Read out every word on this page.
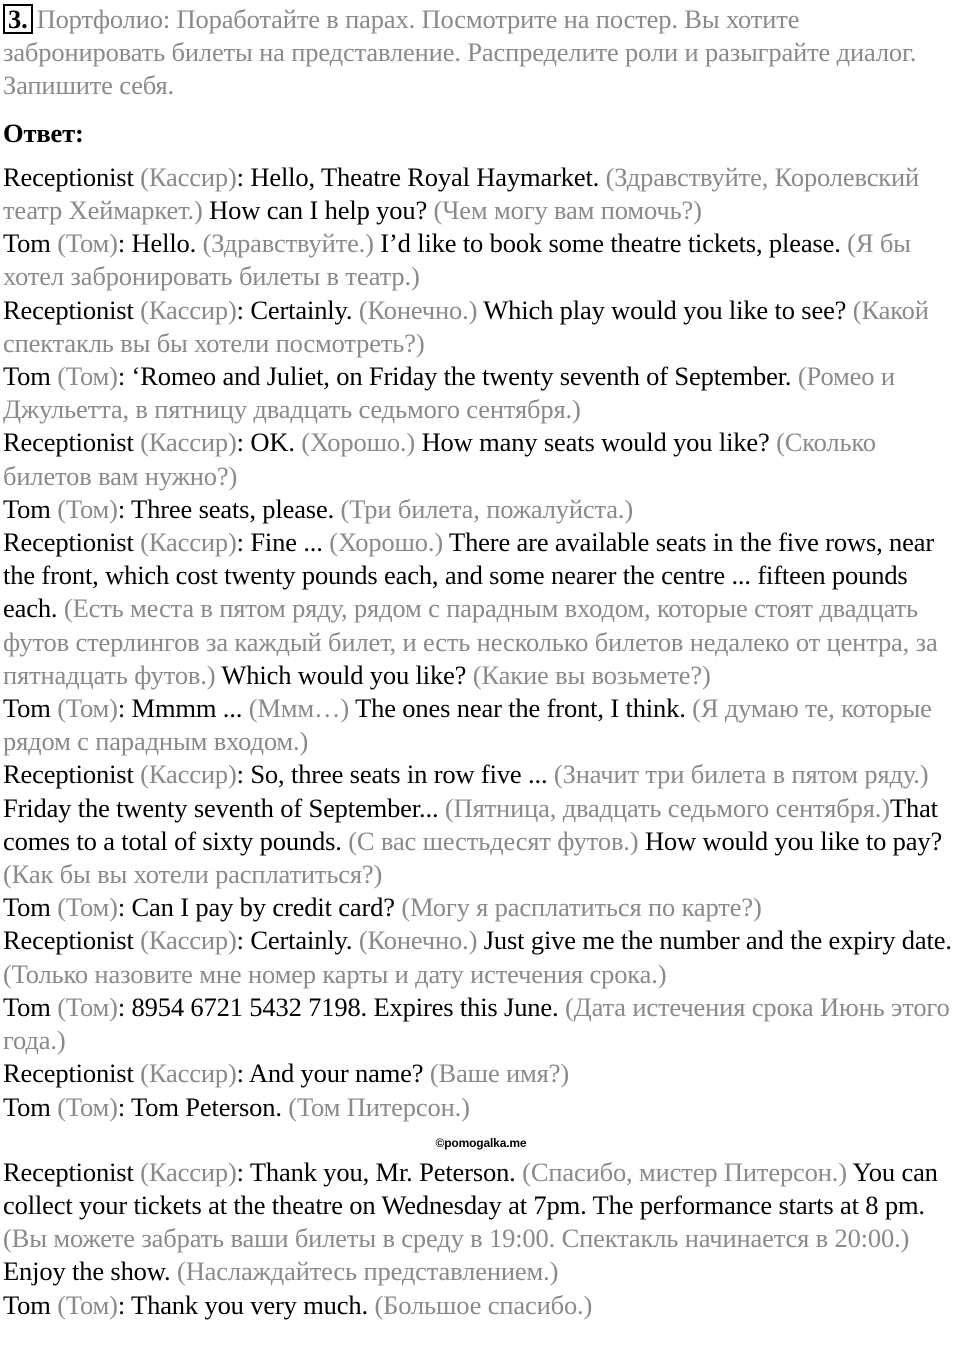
3. Портфолио: Поработайте в парах. Посмотрите на постер. Вы хотите забронировать билеты на представление. Распределите роли и разыграйте диалог. Запишите себя.

Ответ:

Receptionist (Кассир): Hello, Theatre Royal Haymarket. (Здравствуйте, Королевский театр Хеймаркет.) How can I help you? (Чем могу вам помочь?)

Tom (Том): Hello. (Здравствуйте.) I’d like to book some theatre tickets, please. (Я бы хотел забронировать билеты в театр.)

Receptionist (Кассир): Certainly. (Конечно.) Which play would you like to see? (Какой спектакль вы бы хотели посмотреть?)

Tom (Том): ‘Romeo and Juliet, on Friday the twenty seventh of September. (Ромео и Джульетта, в пятницу двадцать седьмого сентября.)

Receptionist (Кассир): OK. (Хорошо.) How many seats would you like? (Сколько билетов вам нужно?)

Tom (Том): Three seats, please. (Три билета, пожалуйста.)

Receptionist (Кассир): Fine ... (Хорошо.) There are available seats in the five rows, near the front, which cost twenty pounds each, and some nearer the centre ... fifteen pounds each. (Есть места в пятом ряду, рядом с парадным входом, которые стоят двадцать футов стерлингов за каждый билет, и есть несколько билетов недалеко от центра, за пятнадцать футов.) Which would you like? (Какие вы возьмете?)

Tom (Том): Mmmm ... (Ммм…) The ones near the front, I think. (Я думаю те, которые рядом с парадным входом.)

Receptionist (Кассир): So, three seats in row five ... (Значит три билета в пятом ряду.) Friday the twenty seventh of September... (Пятница, двадцать седьмого сентября.)That comes to a total of sixty pounds. (С вас шестьдесят футов.) How would you like to pay? (Как бы вы хотели расплатиться?)

Tom (Том): Can I pay by credit card? (Могу я расплатиться по карте?)

Receptionist (Кассир): Certainly. (Конечно.) Just give me the number and the expiry date. (Только назовите мне номер карты и дату истечения срока.)

Tom (Том): 8954 6721 5432 7198. Expires this June. (Дата истечения срока Июнь этого года.)

Receptionist (Кассир): And your name? (Ваше имя?)

Tom (Том): Tom Peterson. (Том Питерсон.)

©pomogalka.me

Receptionist (Кассир): Thank you, Mr. Peterson. (Спасибо, мистер Питерсон.) You can collect your tickets at the theatre on Wednesday at 7pm. The performance starts at 8 pm. (Вы можете забрать ваши билеты в среду в 19:00. Спектакль начинается в 20:00.) Enjoy the show. (Наслаждайтесь представлением.)

Tom (Том): Thank you very much. (Большое спасибо.)
